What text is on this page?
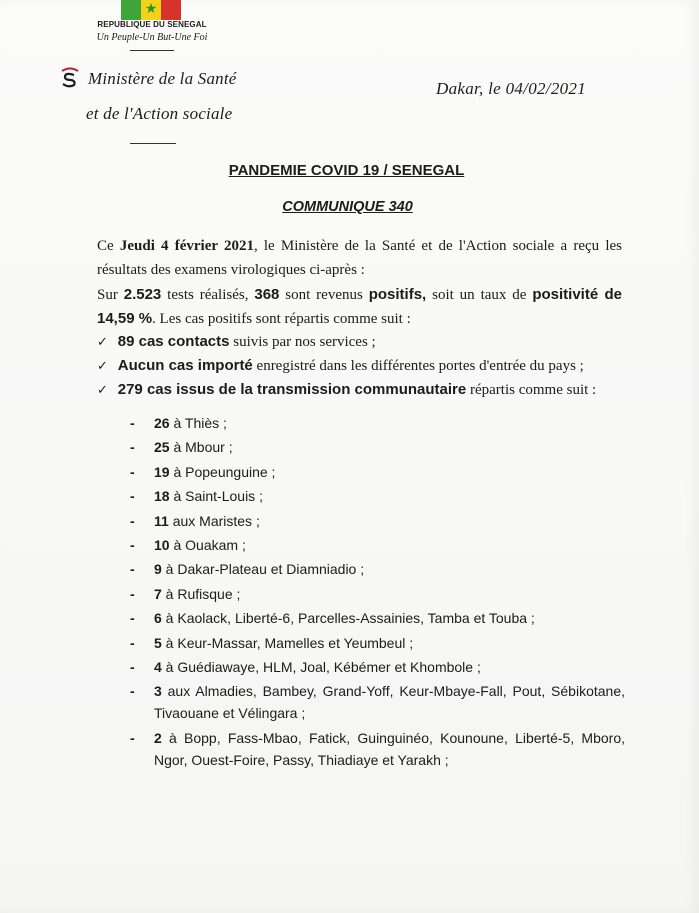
★
REPUBLIQUE DU SENEGAL
Un Peuple-Un But-Une Foi
Ministère de la Santé
et de l'Action sociale
Dakar, le 04/02/2021
PANDEMIE COVID 19 / SENEGAL
COMMUNIQUE 340
Ce Jeudi 4 février 2021, le Ministère de la Santé et de l'Action sociale a reçu les résultats des examens virologiques ci-après :
Sur 2.523 tests réalisés, 368 sont revenus positifs, soit un taux de positivité de 14,59 %. Les cas positifs sont répartis comme suit :
✓ 89 cas contacts suivis par nos services ;
✓ Aucun cas importé enregistré dans les différentes portes d'entrée du pays ;
✓ 279 cas issus de la transmission communautaire répartis comme suit :
- 26 à Thiès ;
- 25 à Mbour ;
- 19 à Popeunguine ;
- 18 à Saint-Louis ;
- 11 aux Maristes ;
- 10 à Ouakam ;
- 9 à Dakar-Plateau et Diamniadio ;
- 7 à Rufisque ;
- 6 à Kaolack, Liberté-6, Parcelles-Assainies, Tamba et Touba ;
- 5 à Keur-Massar, Mamelles et Yeumbeul ;
- 4 à Guédiawaye, HLM, Joal, Kébémer et Khombole ;
- 3 aux Almadies, Bambey, Grand-Yoff, Keur-Mbaye-Fall, Pout, Sébikotane, Tivaouane et Vélingara ;
- 2 à Bopp, Fass-Mbao, Fatick, Guinguinéo, Kounoune, Liberté-5, Mboro, Ngor, Ouest-Foire, Passy, Thiadiaye et Yarakh ;
